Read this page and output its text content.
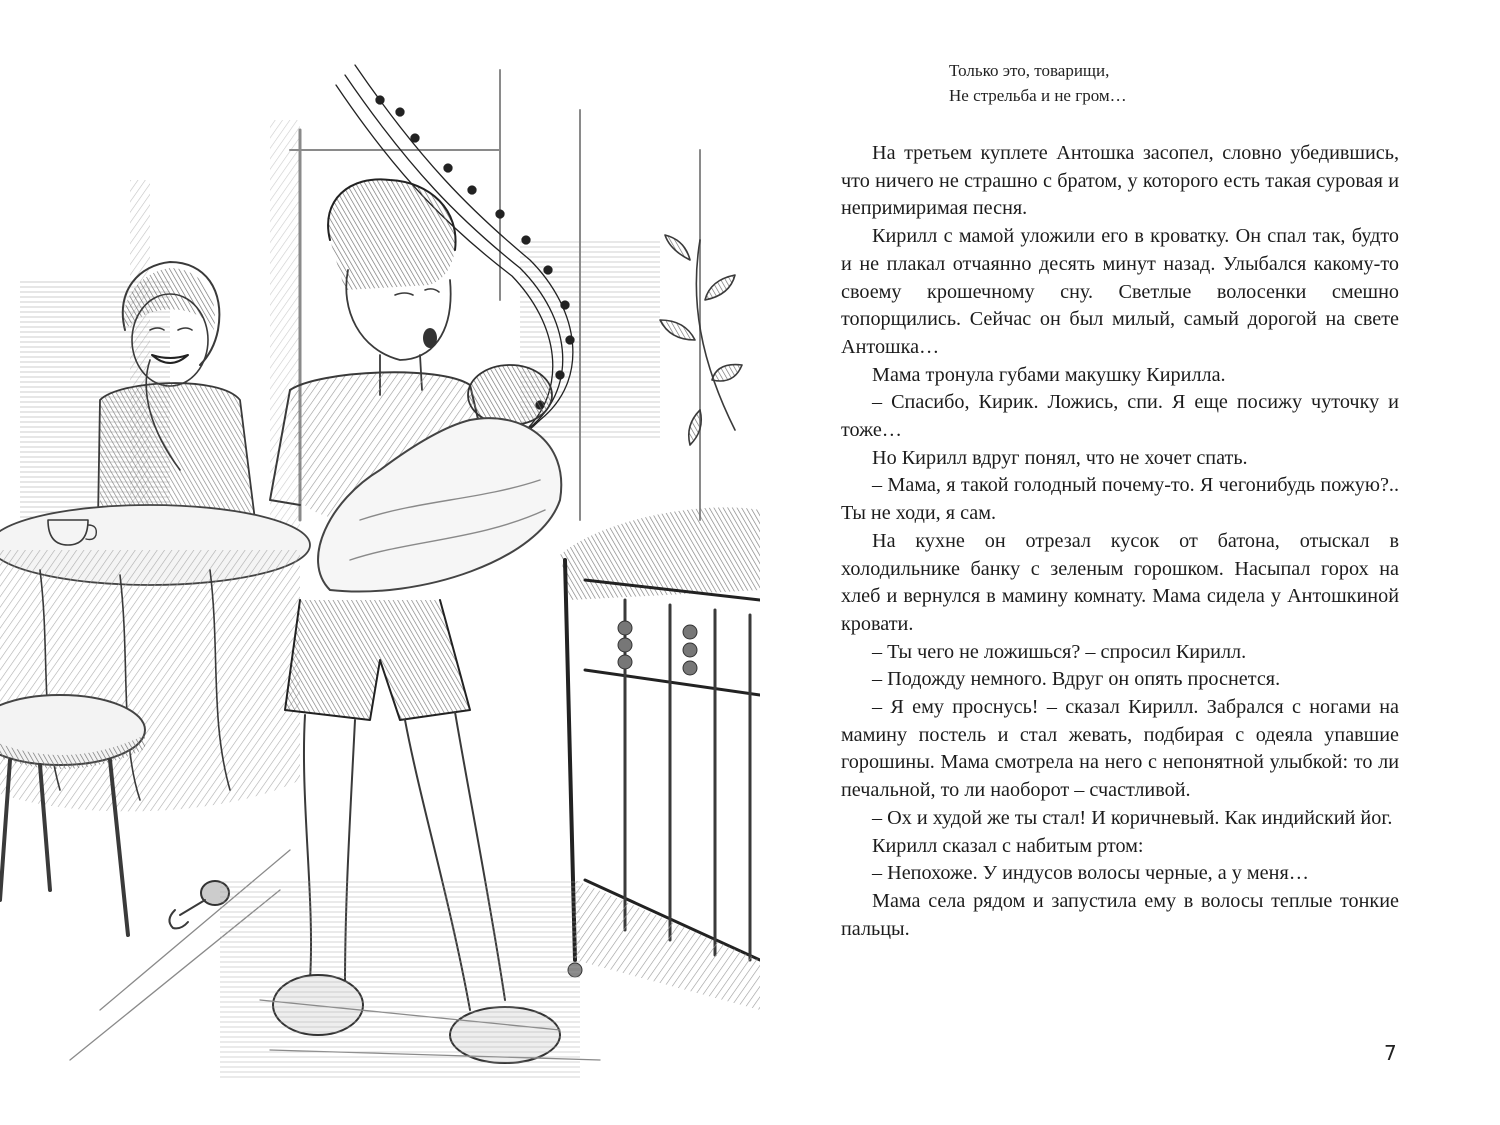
Только это, товарищи,
Не стрельба и не гром…

На третьем куплете Антошка засопел, словно убедившись, что ничего не страшно с братом, у которого есть такая суровая и непримиримая песня.

Кирилл с мамой уложили его в кроватку. Он спал так, будто и не плакал отчаянно десять минут назад. Улыбался какому-то своему крошечному сну. Светлые волосенки смешно топорщились. Сейчас он был милый, самый дорогой на свете Антошка…

Мама тронула губами макушку Кирилла.

– Спасибо, Кирик. Ложись, спи. Я еще посижу чуточку и тоже…

Но Кирилл вдруг понял, что не хочет спать.

– Мама, я такой голодный почему-то. Я чегонибудь пожую?.. Ты не ходи, я сам.

На кухне он отрезал кусок от батона, отыскал в холодильнике банку с зеленым горошком. Насыпал горох на хлеб и вернулся в мамину комнату. Мама сидела у Антошкиной кровати.

– Ты чего не ложишься? – спросил Кирилл.

– Подожду немного. Вдруг он опять проснется.

– Я ему проснусь! – сказал Кирилл. Забрался с ногами на мамину постель и стал жевать, подбирая с одеяла упавшие горошины. Мама смотрела на него с непонятной улыбкой: то ли печальной, то ли наоборот – счастливой.

– Ох и худой же ты стал! И коричневый. Как индийский йог.

Кирилл сказал с набитым ртом:

– Непохоже. У индусов волосы черные, а у меня…

Мама села рядом и запустила ему в волосы теплые тонкие пальцы.

7
